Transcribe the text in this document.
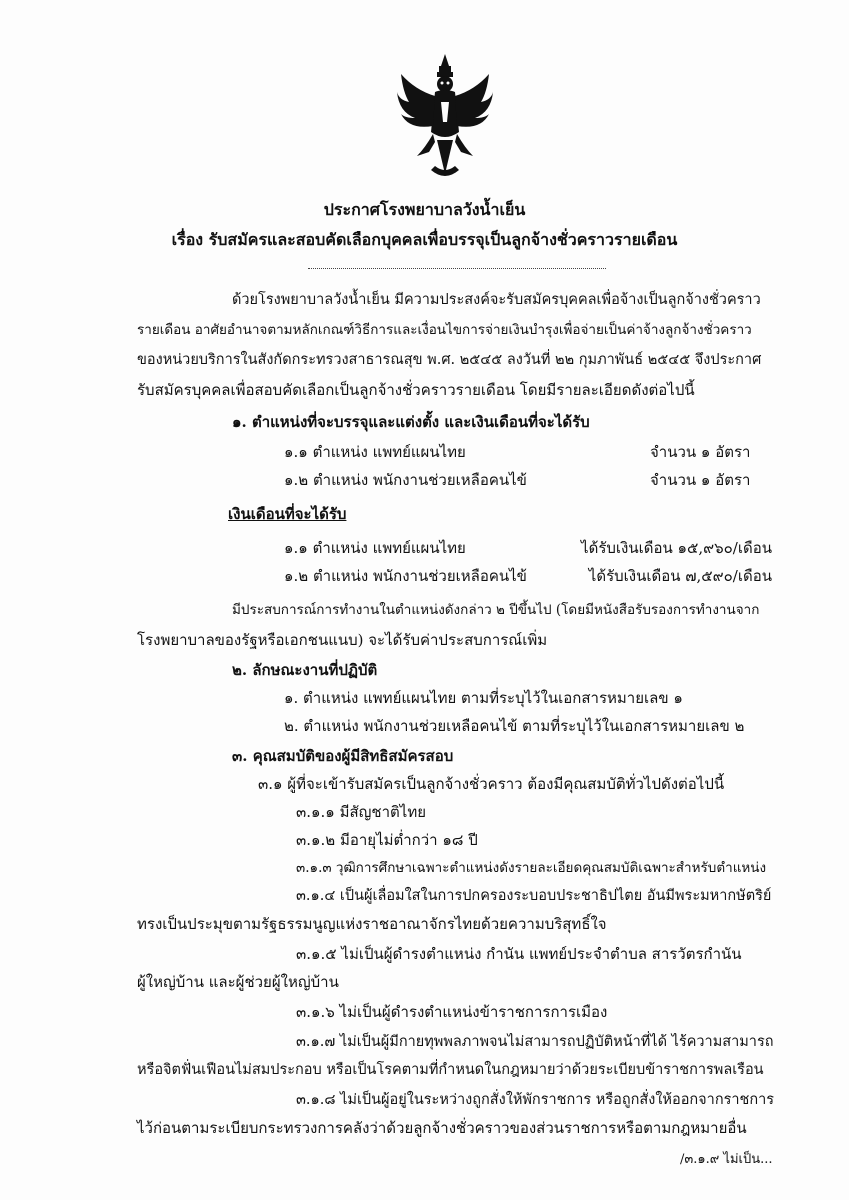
ประกาศโรงพยาบาลวังน้ำเย็น
เรื่อง รับสมัครและสอบคัดเลือกบุคคลเพื่อบรรจุเป็นลูกจ้างชั่วคราวรายเดือน
ด้วยโรงพยาบาลวังน้ำเย็น มีความประสงค์จะรับสมัครบุคคลเพื่อจ้างเป็นลูกจ้างชั่วคราว
รายเดือน อาศัยอำนาจตามหลักเกณฑ์วิธีการและเงื่อนไขการจ่ายเงินบำรุงเพื่อจ่ายเป็นค่าจ้างลูกจ้างชั่วคราว
ของหน่วยบริการในสังกัดกระทรวงสาธารณสุข พ.ศ. ๒๕๔๕ ลงวันที่ ๒๒ กุมภาพันธ์ ๒๕๔๕ จึงประกาศ
รับสมัครบุคคลเพื่อสอบคัดเลือกเป็นลูกจ้างชั่วคราวรายเดือน โดยมีรายละเอียดดังต่อไปนี้
๑. ตำแหน่งที่จะบรรจุและแต่งตั้ง และเงินเดือนที่จะได้รับ
๑.๑ ตำแหน่ง แพทย์แผนไทย	จำนวน ๑ อัตรา
๑.๒ ตำแหน่ง พนักงานช่วยเหลือคนไข้	จำนวน ๑ อัตรา
เงินเดือนที่จะได้รับ
๑.๑ ตำแหน่ง แพทย์แผนไทย	ได้รับเงินเดือน ๑๕,๙๖๐/เดือน
๑.๒ ตำแหน่ง พนักงานช่วยเหลือคนไข้	ได้รับเงินเดือน ๗,๕๙๐/เดือน
มีประสบการณ์การทำงานในตำแหน่งดังกล่าว ๒ ปีขึ้นไป (โดยมีหนังสือรับรองการทำงานจาก
โรงพยาบาลของรัฐหรือเอกชนแนบ) จะได้รับค่าประสบการณ์เพิ่ม
๒. ลักษณะงานที่ปฏิบัติ
๑. ตำแหน่ง แพทย์แผนไทย ตามที่ระบุไว้ในเอกสารหมายเลข ๑
๒. ตำแหน่ง พนักงานช่วยเหลือคนไข้ ตามที่ระบุไว้ในเอกสารหมายเลข ๒
๓. คุณสมบัติของผู้มีสิทธิสมัครสอบ
๓.๑ ผู้ที่จะเข้ารับสมัครเป็นลูกจ้างชั่วคราว ต้องมีคุณสมบัติทั่วไปดังต่อไปนี้
๓.๑.๑ มีสัญชาติไทย
๓.๑.๒ มีอายุไม่ต่ำกว่า ๑๘ ปี
๓.๑.๓ วุฒิการศึกษาเฉพาะตำแหน่งดังรายละเอียดคุณสมบัติเฉพาะสำหรับตำแหน่ง
๓.๑.๔ เป็นผู้เลื่อมใสในการปกครองระบอบประชาธิปไตย อันมีพระมหากษัตริย์
ทรงเป็นประมุขตามรัฐธรรมนูญแห่งราชอาณาจักรไทยด้วยความบริสุทธิ์ใจ
๓.๑.๕ ไม่เป็นผู้ดำรงตำแหน่ง กำนัน แพทย์ประจำตำบล สารวัตรกำนัน
ผู้ใหญ่บ้าน และผู้ช่วยผู้ใหญ่บ้าน
๓.๑.๖ ไม่เป็นผู้ดำรงตำแหน่งข้าราชการการเมือง
๓.๑.๗ ไม่เป็นผู้มีกายทุพพลภาพจนไม่สามารถปฏิบัติหน้าที่ได้ ไร้ความสามารถ
หรือจิตฟั่นเฟือนไม่สมประกอบ หรือเป็นโรคตามที่กำหนดในกฎหมายว่าด้วยระเบียบข้าราชการพลเรือน
๓.๑.๘ ไม่เป็นผู้อยู่ในระหว่างถูกสั่งให้พักราชการ หรือถูกสั่งให้ออกจากราชการ
ไว้ก่อนตามระเบียบกระทรวงการคลังว่าด้วยลูกจ้างชั่วคราวของส่วนราชการหรือตามกฎหมายอื่น
/๓.๑.๙ ไม่เป็น...
